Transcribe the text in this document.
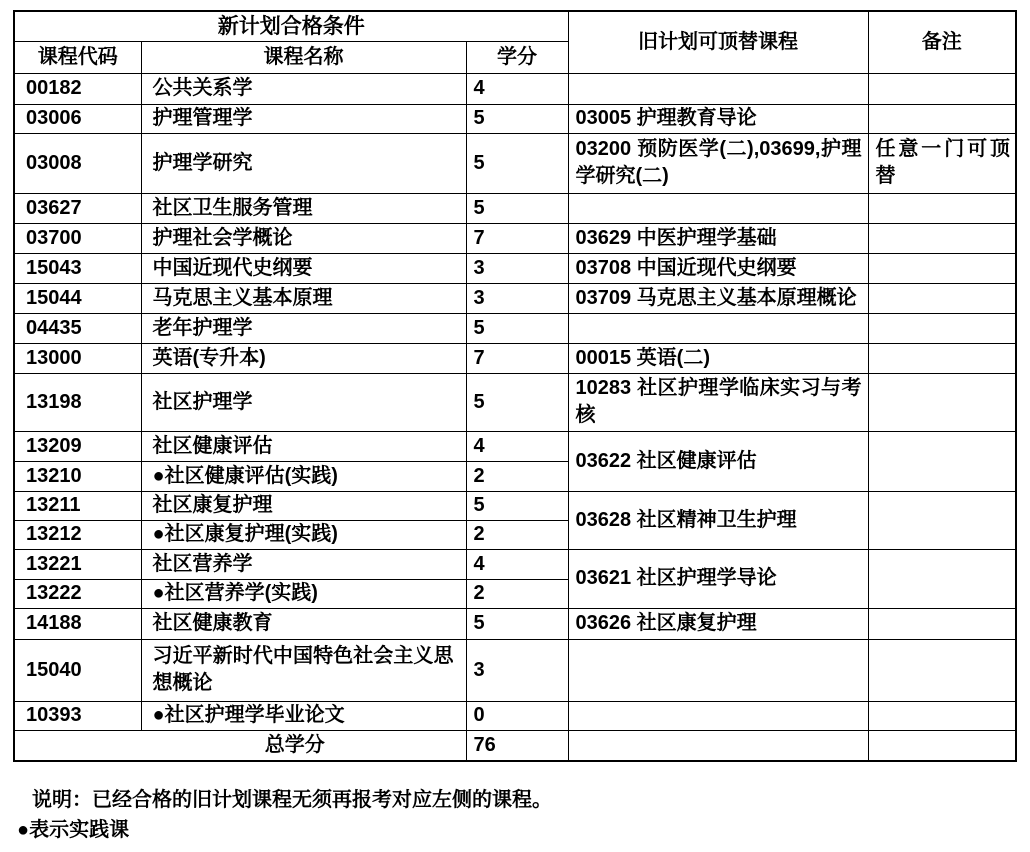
新计划合格条件			旧计划可顶替课程	备注
课程代码	课程名称	学分		
00182	公共关系学	4		
03006	护理管理学	5	03005 护理教育导论	
03008	护理学研究	5	03200 预防医学(二),03699,护理学研究(二)	任意一门可顶替
03627	社区卫生服务管理	5		
03700	护理社会学概论	7	03629 中医护理学基础	
15043	中国近现代史纲要	3	03708 中国近现代史纲要	
15044	马克思主义基本原理	3	03709 马克思主义基本原理概论	
04435	老年护理学	5		
13000	英语(专升本)	7	00015 英语(二)	
13198	社区护理学	5	10283 社区护理学临床实习与考核	
13209	社区健康评估	4	03622 社区健康评估	
13210	●社区健康评估(实践)	2		
13211	社区康复护理	5	03628 社区精神卫生护理	
13212	●社区康复护理(实践)	2		
13221	社区营养学	4	03621 社区护理学导论	
13222	●社区营养学(实践)	2		
14188	社区健康教育	5	03626 社区康复护理	
15040	习近平新时代中国特色社会主义思想概论	3		
10393	●社区护理学毕业论文	0		
总学分		76		
说明：已经合格的旧计划课程无须再报考对应左侧的课程。
●表示实践课
